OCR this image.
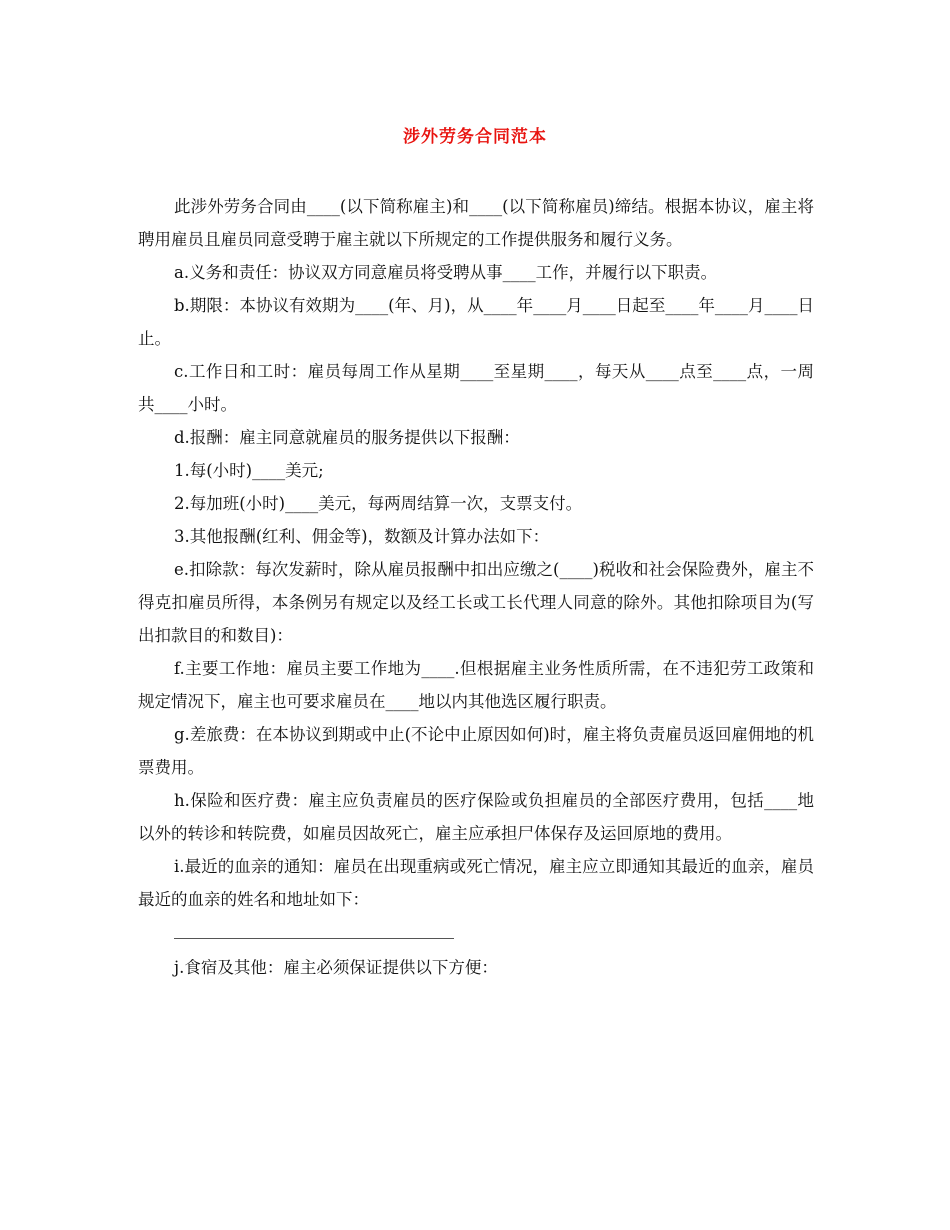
涉外劳务合同范本

此涉外劳务合同由____(以下简称雇主)和____(以下简称雇员)缔结。根据本协议，雇主将聘用雇员且雇员同意受聘于雇主就以下所规定的工作提供服务和履行义务。

a.义务和责任：协议双方同意雇员将受聘从事____工作，并履行以下职责。

b.期限：本协议有效期为____(年、月)，从____年____月____日起至____年____月____日止。

c.工作日和工时：雇员每周工作从星期____至星期____，每天从____点至____点，一周共____小时。

d.报酬：雇主同意就雇员的服务提供以下报酬：

1.每(小时)____美元;

2.每加班(小时)____美元，每两周结算一次，支票支付。

3.其他报酬(红利、佣金等)，数额及计算办法如下：

e.扣除款：每次发薪时，除从雇员报酬中扣出应缴之(____)税收和社会保险费外，雇主不得克扣雇员所得，本条例另有规定以及经工长或工长代理人同意的除外。其他扣除项目为(写出扣款目的和数目)：

f.主要工作地：雇员主要工作地为____.但根据雇主业务性质所需，在不违犯劳工政策和规定情况下，雇主也可要求雇员在____地以内其他选区履行职责。

g.差旅费：在本协议到期或中止(不论中止原因如何)时，雇主将负责雇员返回雇佣地的机票费用。

h.保险和医疗费：雇主应负责雇员的医疗保险或负担雇员的全部医疗费用，包括____地以外的转诊和转院费，如雇员因故死亡，雇主应承担尸体保存及运回原地的费用。

i.最近的血亲的通知：雇员在出现重病或死亡情况，雇主应立即通知其最近的血亲，雇员最近的血亲的姓名和地址如下：

j.食宿及其他：雇主必须保证提供以下方便：
